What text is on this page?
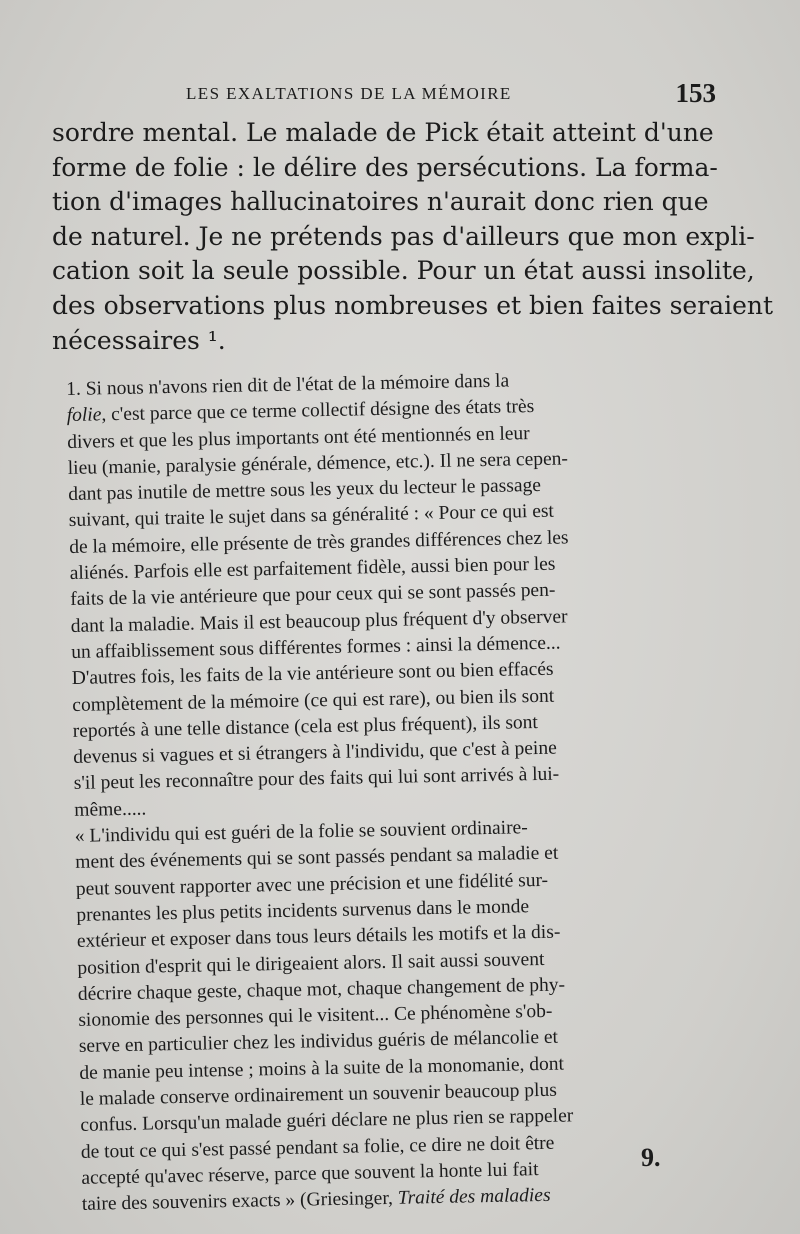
LES EXALTATIONS DE LA MÉMOIRE	153
sordre mental. Le malade de Pick était atteint d'une
forme de folie : le délire des persécutions. La forma-
tion d'images hallucinatoires n'aurait donc rien que
de naturel. Je ne prétends pas d'ailleurs que mon expli-
cation soit la seule possible. Pour un état aussi insolite,
des observations plus nombreuses et bien faites seraient
nécessaires ¹.
1. Si nous n'avons rien dit de l'état de la mémoire dans la
folie, c'est parce que ce terme collectif désigne des états très
divers et que les plus importants ont été mentionnés en leur
lieu (manie, paralysie générale, démence, etc.). Il ne sera cepen-
dant pas inutile de mettre sous les yeux du lecteur le passage
suivant, qui traite le sujet dans sa généralité : « Pour ce qui est
de la mémoire, elle présente de très grandes différences chez les
aliénés. Parfois elle est parfaitement fidèle, aussi bien pour les
faits de la vie antérieure que pour ceux qui se sont passés pen-
dant la maladie. Mais il est beaucoup plus fréquent d'y observer
un affaiblissement sous différentes formes : ainsi la démence...
D'autres fois, les faits de la vie antérieure sont ou bien effacés
complètement de la mémoire (ce qui est rare), ou bien ils sont
reportés à une telle distance (cela est plus fréquent), ils sont
devenus si vagues et si étrangers à l'individu, que c'est à peine
s'il peut les reconnaître pour des faits qui lui sont arrivés à lui-
même.....
« L'individu qui est guéri de la folie se souvient ordinaire-
ment des événements qui se sont passés pendant sa maladie et
peut souvent rapporter avec une précision et une fidélité sur-
prenantes les plus petits incidents survenus dans le monde
extérieur et exposer dans tous leurs détails les motifs et la dis-
position d'esprit qui le dirigeaient alors. Il sait aussi souvent
décrire chaque geste, chaque mot, chaque changement de phy-
sionomie des personnes qui le visitent... Ce phénomène s'ob-
serve en particulier chez les individus guéris de mélancolie et
de manie peu intense ; moins à la suite de la monomanie, dont
le malade conserve ordinairement un souvenir beaucoup plus
confus. Lorsqu'un malade guéri déclare ne plus rien se rappeler
de tout ce qui s'est passé pendant sa folie, ce dire ne doit être
accepté qu'avec réserve, parce que souvent la honte lui fait
taire des souvenirs exacts » (Griesinger, Traité des maladies
9.
